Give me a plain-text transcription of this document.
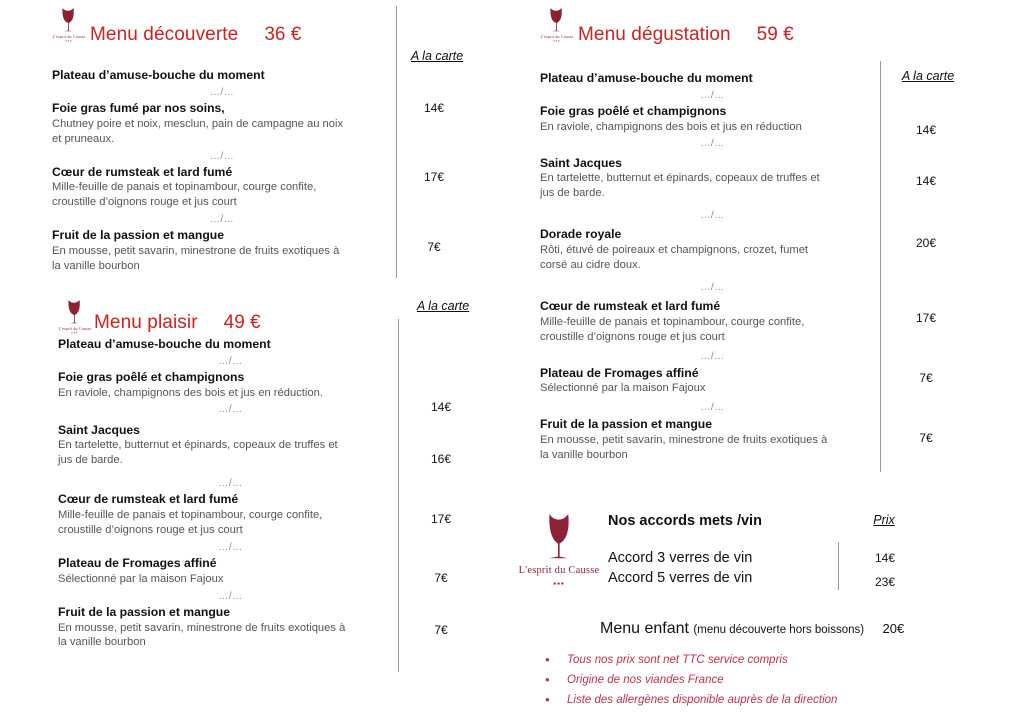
L'esprit du Causse
▪▪▪ Menu découverte 36 €
Plateau d’amuse-bouche du moment
…/…
Foie gras fumé par nos soins,
Chutney poire et noix, mesclun, pain de campagne au noix
et pruneaux.
…/…
Cœur de rumsteak et lard fumé
Mille-feuille de panais et topinambour, courge confite,
croustille d’oignons rouge et jus court
…/…
Fruit de la passion et mangue
En mousse, petit savarin, minestrone de fruits exotiques à
la vanille bourbon
A la carte
14€
17€
7€
L'esprit du Causse
▪▪▪ Menu plaisir 49 €
Plateau d’amuse-bouche du moment
…/…
Foie gras poêlé et champignons
En raviole, champignons des bois et jus en réduction.
…/…
Saint Jacques
En tartelette, butternut et épinards, copeaux de truffes et
jus de barde.
…/…
Cœur de rumsteak et lard fumé
Mille-feuille de panais et topinambour, courge confite,
croustille d’oignons rouge et jus court
…/…
Plateau de Fromages affiné
Sélectionné par la maison Fajoux
…/…
Fruit de la passion et mangue
En mousse, petit savarin, minestrone de fruits exotiques à
la vanille bourbon
A la carte
14€
16€
17€
7€
7€
L'esprit du Causse
▪▪▪ Menu dégustation 59 €
Plateau d’amuse-bouche du moment
…/…
Foie gras poêlé et champignons
En raviole, champignons des bois et jus en réduction
…/…
Saint Jacques
En tartelette, butternut et épinards, copeaux de truffes et
jus de barde.
…/…
Dorade royale
Rôti, étuvé de poireaux et champignons, crozet, fumet
corsé au cidre doux.
…/…
Cœur de rumsteak et lard fumé
Mille-feuille de panais et topinambour, courge confite,
croustille d’oignons rouge et jus court
…/…
Plateau de Fromages affiné
Sélectionné par la maison Fajoux
…/…
Fruit de la passion et mangue
En mousse, petit savarin, minestrone de fruits exotiques à
la vanille bourbon
A la carte
14€
14€
20€
17€
7€
7€
L'esprit du Causse
▪▪▪
Nos accords mets /vin
Accord 3 verres de vin
Accord 5 verres de vin
Prix
14€
23€
Menu enfant (menu découverte hors boissons) 20€
• Tous nos prix sont net TTC service compris
• Origine de nos viandes France
• Liste des allergènes disponible auprès de la direction
